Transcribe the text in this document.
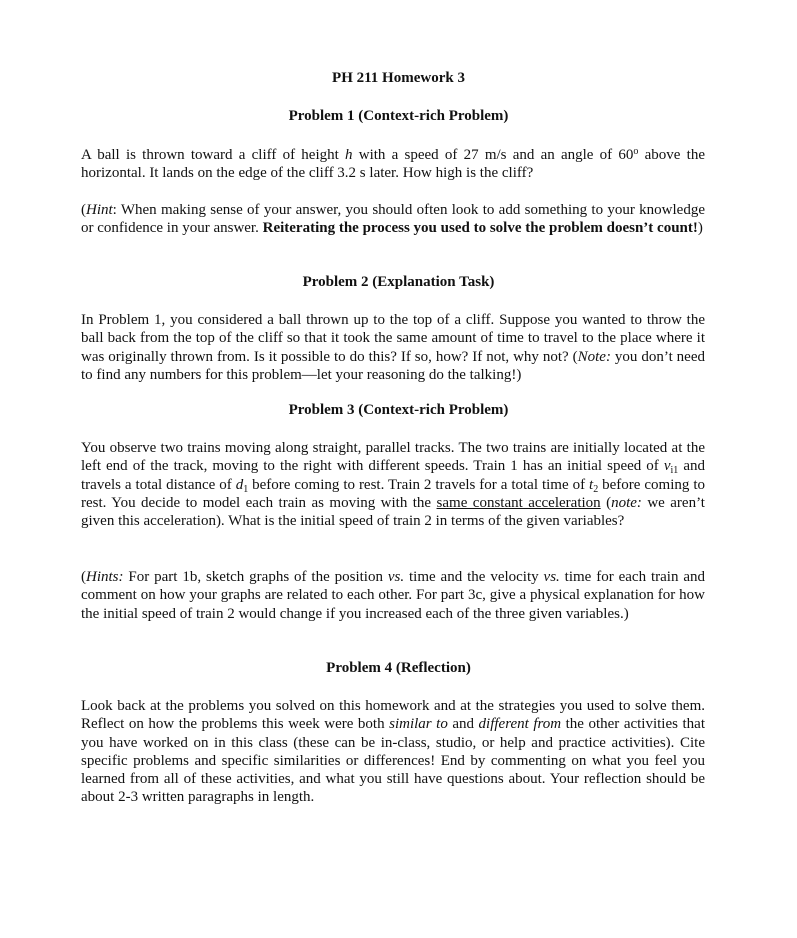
PH 211 Homework 3
Problem 1 (Context-rich Problem)
A ball is thrown toward a cliff of height h with a speed of 27 m/s and an angle of 60$^o$ above the horizontal. It lands on the edge of the cliff 3.2 s later. How high is the cliff?
(Hint: When making sense of your answer, you should often look to add something to your knowledge or confidence in your answer. Reiterating the process you used to solve the problem doesn’t count!)
Problem 2 (Explanation Task)
In Problem 1, you considered a ball thrown up to the top of a cliff. Suppose you wanted to throw the ball back from the top of the cliff so that it took the same amount of time to travel to the place where it was originally thrown from. Is it possible to do this? If so, how? If not, why not? (Note: you don’t need to find any numbers for this problem—let your reasoning do the talking!)
Problem 3 (Context-rich Problem)
You observe two trains moving along straight, parallel tracks. The two trains are initially located at the left end of the track, moving to the right with different speeds. Train 1 has an initial speed of $v_{i1}$ and travels a total distance of $d_1$ before coming to rest. Train 2 travels for a total time of $t_2$ before coming to rest. You decide to model each train as moving with the same constant acceleration (note: we aren’t given this acceleration). What is the initial speed of train 2 in terms of the given variables?
(Hints: For part 1b, sketch graphs of the position vs. time and the velocity vs. time for each train and comment on how your graphs are related to each other. For part 3c, give a physical explanation for how the initial speed of train 2 would change if you increased each of the three given variables.)
Problem 4 (Reflection)
Look back at the problems you solved on this homework and at the strategies you used to solve them. Reflect on how the problems this week were both similar to and different from the other activities that you have worked on in this class (these can be in-class, studio, or help and practice activities). Cite specific problems and specific similarities or differences! End by commenting on what you feel you learned from all of these activities, and what you still have questions about. Your reflection should be about 2-3 written paragraphs in length.
